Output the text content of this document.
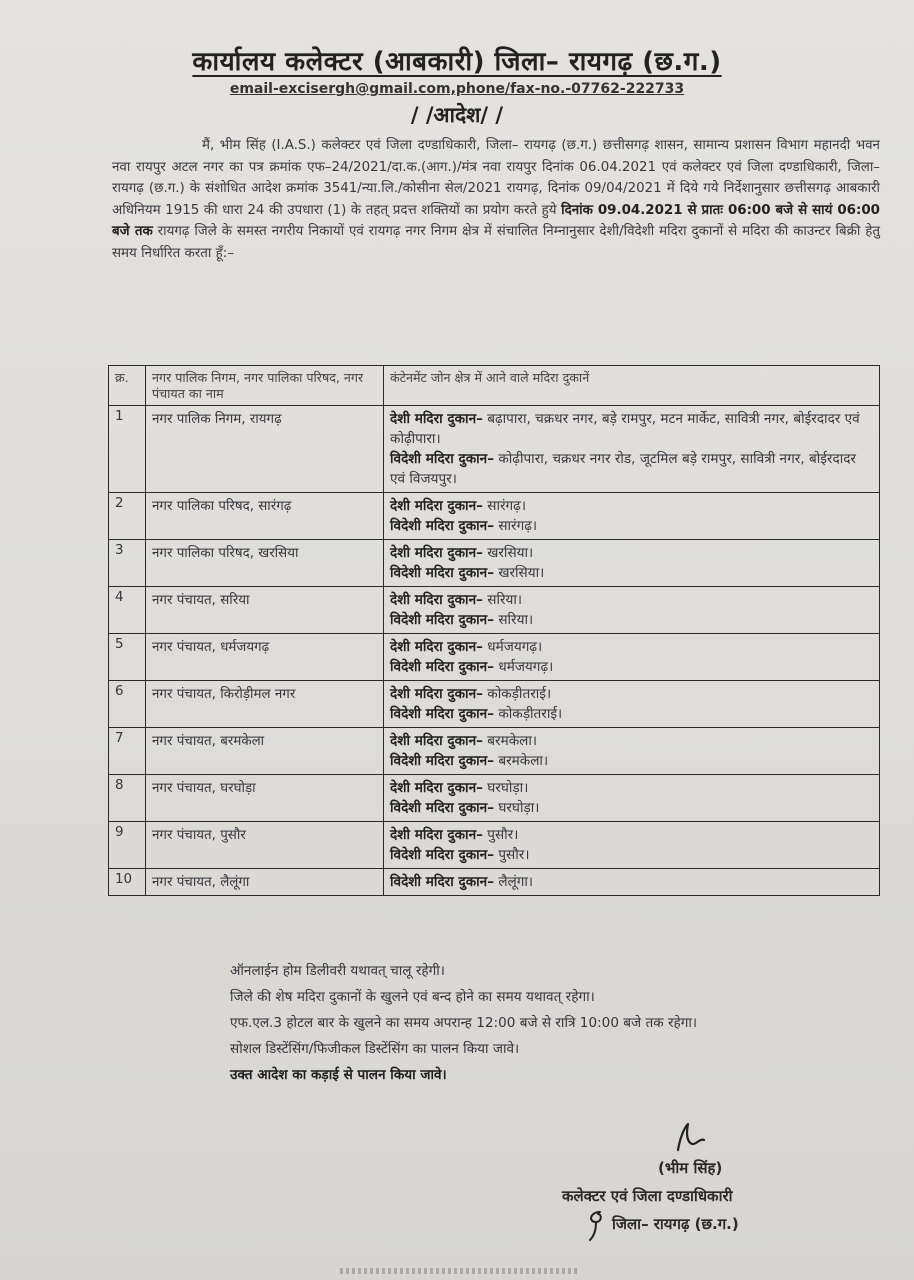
कार्यालय कलेक्टर (आबकारी) जिला– रायगढ़ (छ.ग.)
email-excisergh@gmail.com,phone/fax-no.-07762-222733
/ /आदेश/ /
मैं, भीम सिंह (I.A.S.) कलेक्टर एवं जिला दण्डाधिकारी, जिला– रायगढ़ (छ.ग.) छत्तीसगढ़ शासन, सामान्य प्रशासन विभाग महानदी भवन नवा रायपुर अटल नगर का पत्र क्रमांक एफ–24/2021/दा.क.(आग.)/मंत्र नवा रायपुर दिनांक 06.04.2021 एवं कलेक्टर एवं जिला दण्डाधिकारी, जिला– रायगढ़ (छ.ग.) के संशोधित आदेश क्रमांक 3541/न्या.लि./कोसीना सेल/2021 रायगढ़, दिनांक 09/04/2021 में दिये गये निर्देशानुसार छत्तीसगढ़ आबकारी अधिनियम 1915 की धारा 24 की उपधारा (1) के तहत् प्रदत्त शक्तियों का प्रयोग करते हुये दिनांक 09.04.2021 से प्रातः 06:00 बजे से सायं 06:00 बजे तक रायगढ़ जिले के समस्त नगरीय निकायों एवं रायगढ़ नगर निगम क्षेत्र में संचालित निम्नानुसार देशी/विदेशी मदिरा दुकानों से मदिरा की काउन्टर बिक्री हेतु समय निर्धारित करता हूँ:–
क्र.	नगर पालिक निगम, नगर पालिका परिषद, नगर पंचायत का नाम	कंटेनमेंट जोन क्षेत्र में आने वाले मदिरा दुकानें
1	नगर पालिक निगम, रायगढ़	देशी मदिरा दुकान– बढ़ापारा, चक्रधर नगर, बड़े रामपुर, मटन मार्केट, सावित्री नगर, बोईरदादर एवं कोढ़ीपारा।
विदेशी मदिरा दुकान– कोढ़ीपारा, चक्रधर नगर रोड, जूटमिल बड़े रामपुर, सावित्री नगर, बोईरदादर एवं विजयपुर।

2	नगर पालिका परिषद, सारंगढ़	देशी मदिरा दुकान– सारंगढ़।
विदेशी मदिरा दुकान– सारंगढ़।

3	नगर पालिका परिषद, खरसिया	देशी मदिरा दुकान– खरसिया।
विदेशी मदिरा दुकान– खरसिया।

4	नगर पंचायत, सरिया	देशी मदिरा दुकान– सरिया।
विदेशी मदिरा दुकान– सरिया।

5	नगर पंचायत, धर्मजयगढ़	देशी मदिरा दुकान– धर्मजयगढ़।
विदेशी मदिरा दुकान– धर्मजयगढ़।

6	नगर पंचायत, किरोड़ीमल नगर	देशी मदिरा दुकान– कोकड़ीतराई।
विदेशी मदिरा दुकान– कोकड़ीतराई।

7	नगर पंचायत, बरमकेला	देशी मदिरा दुकान– बरमकेला।
विदेशी मदिरा दुकान– बरमकेला।

8	नगर पंचायत, घरघोड़ा	देशी मदिरा दुकान– घरघोड़ा।
विदेशी मदिरा दुकान– घरघोड़ा।

9	नगर पंचायत, पुसौर	देशी मदिरा दुकान– पुसौर।
विदेशी मदिरा दुकान– पुसौर।

10	नगर पंचायत, लैलूंगा	विदेशी मदिरा दुकान– लैलूंगा।

ऑनलाईन होम डिलीवरी यथावत् चालू रहेगी।

जिले की शेष मदिरा दुकानों के खुलने एवं बन्द होने का समय यथावत् रहेगा।

एफ.एल.3 होटल बार के खुलने का समय अपरान्ह 12:00 बजे से रात्रि 10:00 बजे तक रहेगा।

सोशल डिस्टेंसिंग/फिजीकल डिस्टेंसिंग का पालन किया जावे।

उक्त आदेश का कड़ाई से पालन किया जावे।

(भीम सिंह)
कलेक्टर एवं जिला दण्डाधिकारी
जिला– रायगढ़ (छ.ग.)
